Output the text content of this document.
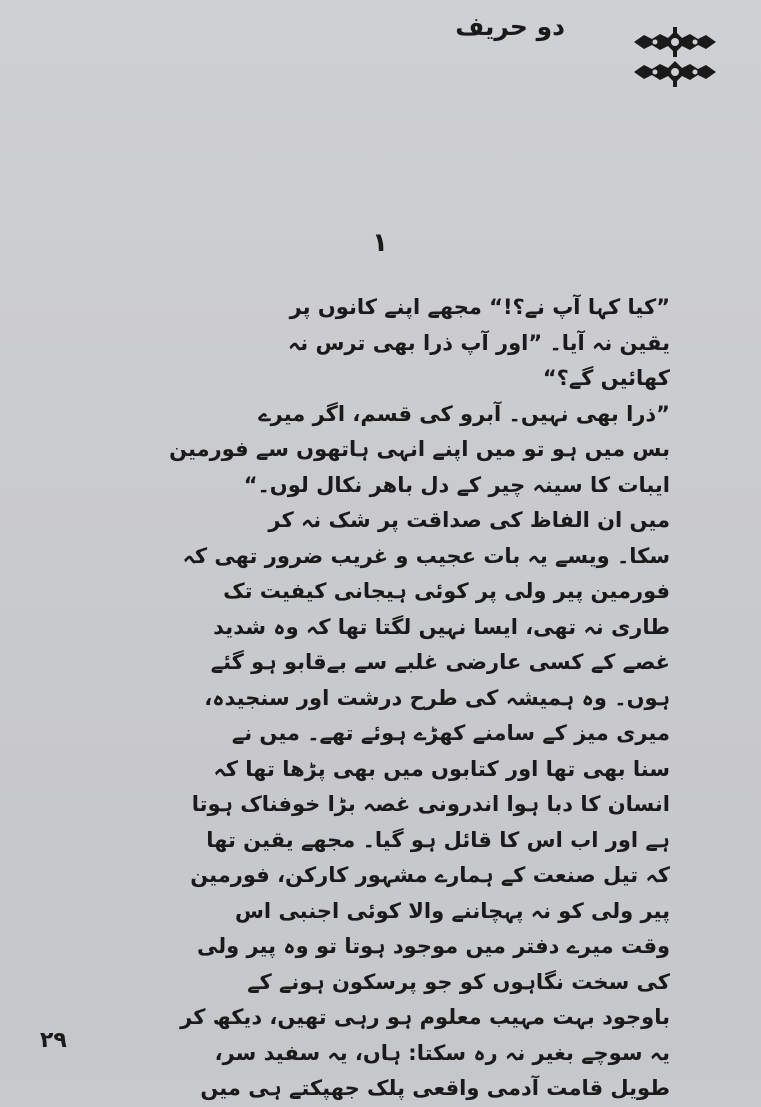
دو حریف
۱
”کیا کہا آپ نے؟!“ مجھے اپنے کانوں پر
یقین نہ آیا۔ ”اور آپ ذرا بھی ترس نہ
کھائیں گے؟“
”ذرا بھی نہیں۔ آبرو کی قسم، اگر میرے
بس میں ہو تو میں اپنے انہی ہاتھوں سے فورمین
ایبات کا سینہ چیر کے دل باھر نکال لوں۔“
میں ان الفاظ کی صداقت پر شک نہ کر
سکا۔ ویسے یہ بات عجیب و غریب ضرور تھی کہ
فورمین پیر ولی پر کوئی ہیجانی کیفیت تک
طاری نہ تھی، ایسا نہیں لگتا تھا کہ وہ شدید
غصے کے کسی عارضی غلبے سے بےقابو ہو گئے
ہوں۔ وہ ہمیشہ کی طرح درشت اور سنجیدہ،
میری میز کے سامنے کھڑے ہوئے تھے۔ میں نے
سنا بھی تھا اور کتابوں میں بھی پڑھا تھا کہ
انسان کا دبا ہوا اندرونی غصہ بڑا خوفناک ہوتا
ہے اور اب اس کا قائل ہو گیا۔ مجھے یقین تھا
کہ تیل صنعت کے ہمارے مشہور کارکن، فورمین
پیر ولی کو نہ پہچاننے والا کوئی اجنبی اس
وقت میرے دفتر میں موجود ہوتا تو وہ پیر ولی
کی سخت نگاہوں کو جو پرسکون ہونے کے
باوجود بہت مہیب معلوم ہو رہی تھیں، دیکھ کر
یہ سوچے بغیر نہ رہ سکتا: ہاں، یہ سفید سر،
طویل قامت آدمی واقعی پلک جھپکتے ہی میں
۲۹
